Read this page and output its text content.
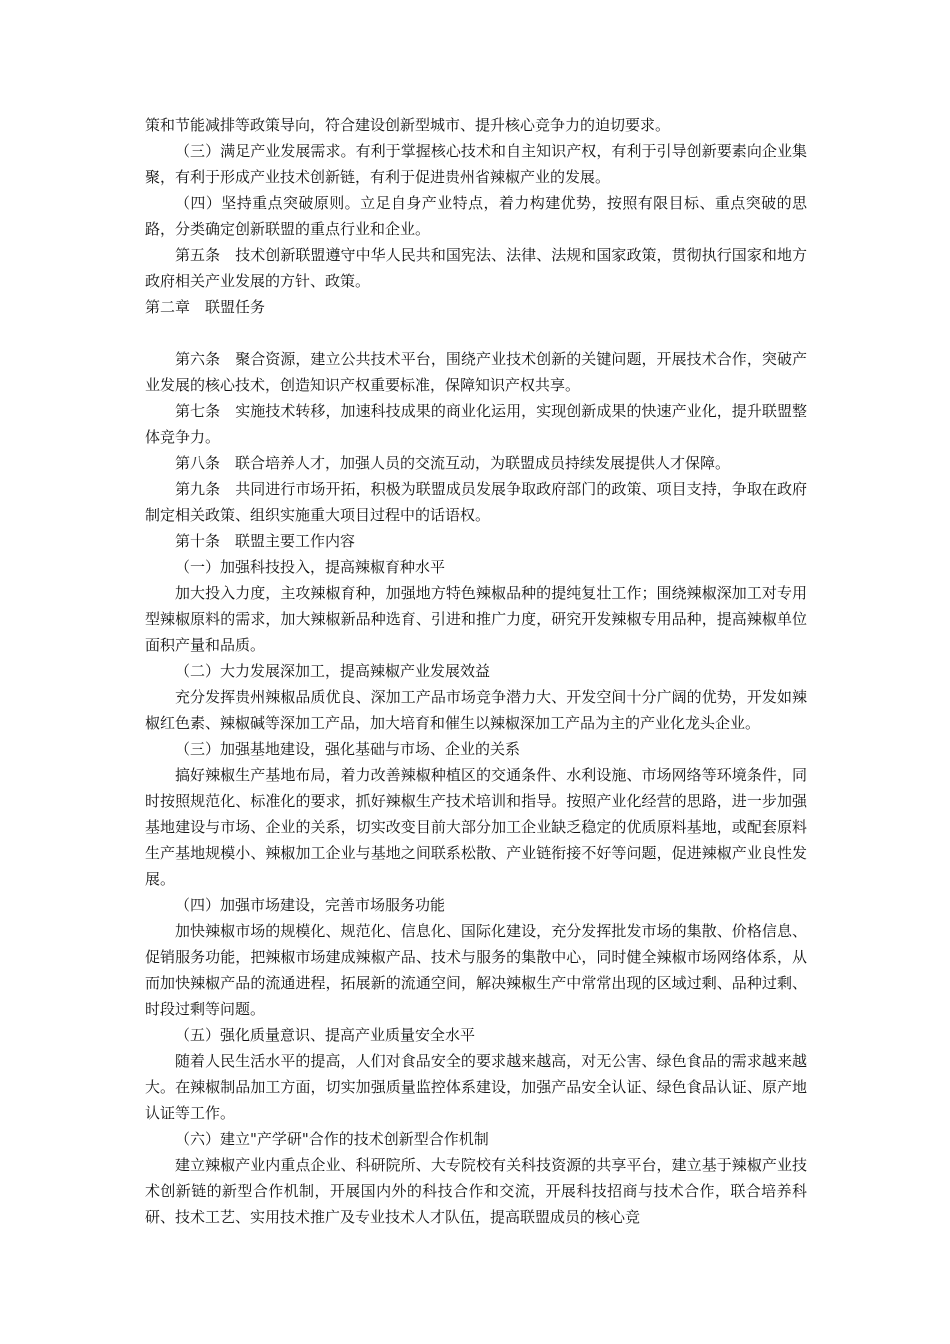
策和节能减排等政策导向，符合建设创新型城市、提升核心竞争力的迫切要求。

（三）满足产业发展需求。有利于掌握核心技术和自主知识产权，有利于引导创新要素向企业集聚，有利于形成产业技术创新链，有利于促进贵州省辣椒产业的发展。

（四）坚持重点突破原则。立足自身产业特点，着力构建优势，按照有限目标、重点突破的思路，分类确定创新联盟的重点行业和企业。

第五条　技术创新联盟遵守中华人民共和国宪法、法律、法规和国家政策，贯彻执行国家和地方政府相关产业发展的方针、政策。

第二章　联盟任务

第六条　聚合资源，建立公共技术平台，围绕产业技术创新的关键问题，开展技术合作，突破产业发展的核心技术，创造知识产权重要标准，保障知识产权共享。

第七条　实施技术转移，加速科技成果的商业化运用，实现创新成果的快速产业化，提升联盟整体竞争力。

第八条　联合培养人才，加强人员的交流互动，为联盟成员持续发展提供人才保障。

第九条　共同进行市场开拓，积极为联盟成员发展争取政府部门的政策、项目支持，争取在政府制定相关政策、组织实施重大项目过程中的话语权。

第十条　联盟主要工作内容

（一）加强科技投入，提高辣椒育种水平

加大投入力度，主攻辣椒育种，加强地方特色辣椒品种的提纯复壮工作；围绕辣椒深加工对专用型辣椒原料的需求，加大辣椒新品种选育、引进和推广力度，研究开发辣椒专用品种，提高辣椒单位面积产量和品质。

（二）大力发展深加工，提高辣椒产业发展效益

充分发挥贵州辣椒品质优良、深加工产品市场竞争潜力大、开发空间十分广阔的优势，开发如辣椒红色素、辣椒碱等深加工产品，加大培育和催生以辣椒深加工产品为主的产业化龙头企业。

（三）加强基地建设，强化基础与市场、企业的关系

搞好辣椒生产基地布局，着力改善辣椒种植区的交通条件、水利设施、市场网络等环境条件，同时按照规范化、标准化的要求，抓好辣椒生产技术培训和指导。按照产业化经营的思路，进一步加强基地建设与市场、企业的关系，切实改变目前大部分加工企业缺乏稳定的优质原料基地，或配套原料生产基地规模小、辣椒加工企业与基地之间联系松散、产业链衔接不好等问题，促进辣椒产业良性发展。

（四）加强市场建设，完善市场服务功能

加快辣椒市场的规模化、规范化、信息化、国际化建设，充分发挥批发市场的集散、价格信息、促销服务功能，把辣椒市场建成辣椒产品、技术与服务的集散中心，同时健全辣椒市场网络体系，从而加快辣椒产品的流通进程，拓展新的流通空间，解决辣椒生产中常常出现的区域过剩、品种过剩、时段过剩等问题。

（五）强化质量意识、提高产业质量安全水平

随着人民生活水平的提高，人们对食品安全的要求越来越高，对无公害、绿色食品的需求越来越大。在辣椒制品加工方面，切实加强质量监控体系建设，加强产品安全认证、绿色食品认证、原产地认证等工作。

（六）建立"产学研"合作的技术创新型合作机制

建立辣椒产业内重点企业、科研院所、大专院校有关科技资源的共享平台，建立基于辣椒产业技术创新链的新型合作机制，开展国内外的科技合作和交流，开展科技招商与技术合作，联合培养科研、技术工艺、实用技术推广及专业技术人才队伍，提高联盟成员的核心竞
